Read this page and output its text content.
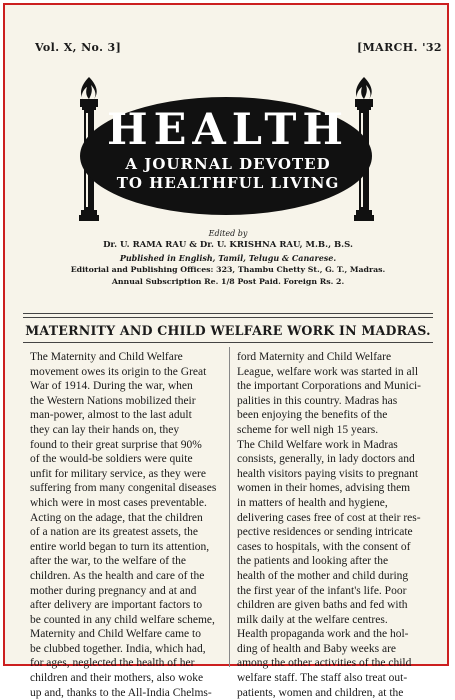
Vol. X, No. 3]	[MARCH. '32
HEALTH
A JOURNAL DEVOTED
TO HEALTHFUL LIVING
Edited by
Dr. U. RAMA RAU & Dr. U. KRISHNA RAU, M.B., B.S.
Published in English, Tamil, Telugu & Canarese.
Editorial and Publishing Offices: 323, Thambu Chetty St., G. T., Madras.
Annual Subscription Re. 1/8 Post Paid. Foreign Rs. 2.
MATERNITY AND CHILD WELFARE WORK IN MADRAS.
The Maternity and Child Welfare
movement owes its origin to the Great
War of 1914. During the war, when
the Western Nations mobilized their
man-power, almost to the last adult
they can lay their hands on, they
found to their great surprise that 90%
of the would-be soldiers were quite
unfit for military service, as they were
suffering from many congenital diseases
which were in most cases preventable.
Acting on the adage, that the children
of a nation are its greatest assets, the
entire world began to turn its attention,
after the war, to the welfare of the
children. As the health and care of the
mother during pregnancy and at and
after delivery are important factors to
be counted in any child welfare scheme,
Maternity and Child Welfare came to
be clubbed together. India, which had,
for ages, neglected the health of her
children and their mothers, also woke
up and, thanks to the All-India Chelms-
ford Maternity and Child Welfare
League, welfare work was started in all
the important Corporations and Munici-
palities in this country. Madras has
been enjoying the benefits of the
scheme for well nigh 15 years.
The Child Welfare work in Madras
consists, generally, in lady doctors and
health visitors paying visits to pregnant
women in their homes, advising them
in matters of health and hygiene,
delivering cases free of cost at their res-
pective residences or sending intricate
cases to hospitals, with the consent of
the patients and looking after the
health of the mother and child during
the first year of the infant's life. Poor
children are given baths and fed with
milk daily at the welfare centres.
Health propaganda work and the hol-
ding of health and Baby weeks are
among the other activities of the child
welfare staff. The staff also treat out-
patients, women and children, at the
